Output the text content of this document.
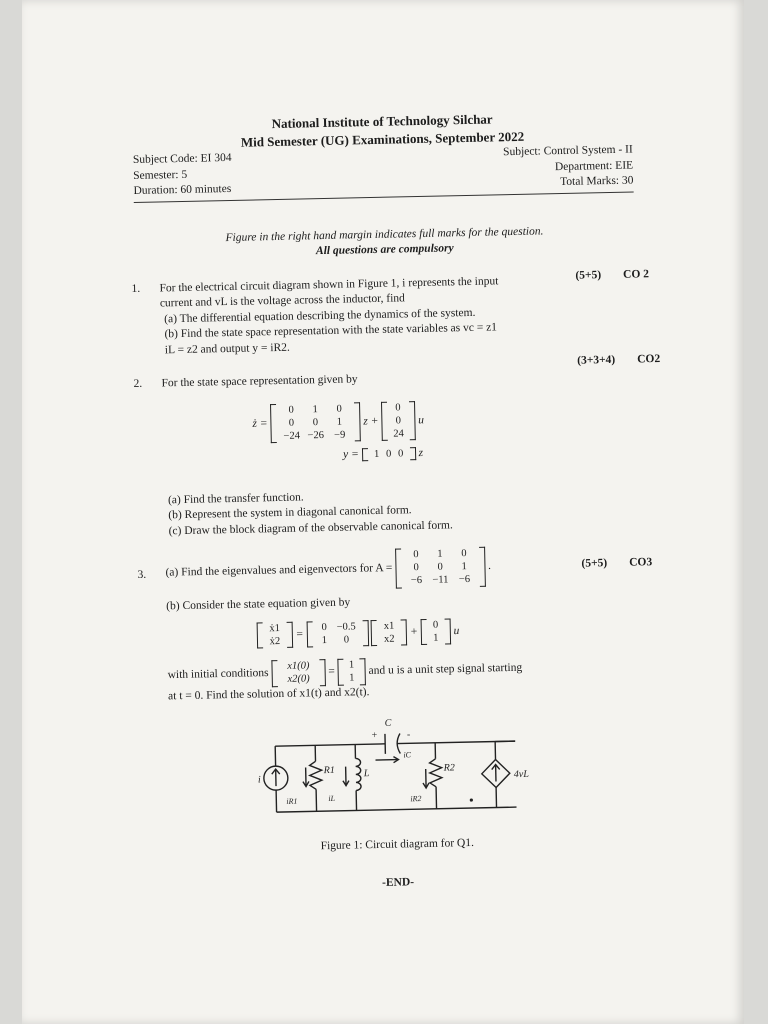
National Institute of Technology Silchar
Mid Semester (UG) Examinations, September 2022
Subject Code: EI 304
Subject: Control System - II
Semester: 5
Department: EIE
Duration: 60 minutes
Total Marks: 30
Figure in the right hand margin indicates full marks for the question.
All questions are compulsory
1.
(5+5) CO 2
For the electrical circuit diagram shown in Figure 1, i represents the input
current and vL is the voltage across the inductor, find
(a) The differential equation describing the dynamics of the system.
(b) Find the state space representation with the state variables as vc = z1
iL = z2 and output y = iR2.
2.
(3+3+4) CO2
For the state space representation given by
ż =
0	1	0
0	0	1
−24 −26 −9
z +
0
0
24
u
y =	1 0 0 z
(a) Find the transfer function.
(b) Represent the system in diagonal canonical form.
(c) Draw the block diagram of the observable canonical form.
3.
(5+5) CO3
(a) Find the eigenvalues and eigenvectors for A =
0	1	0
0	0	1
−6 −11 −6
.
(b) Consider the state equation given by
ẋ1
ẋ2
=
0 −0.5
1	0

x1
x2
+
0
1
u
with initial conditions
x1(0)
x2(0)
=
1
1
and u is a unit step signal starting
at t = 0. Find the solution of x1(t) and x2(t).
C
+	-
i
R1	L
R2
4vL
iR1	iL
iC
iR2
Figure 1: Circuit diagram for Q1.
-END-
